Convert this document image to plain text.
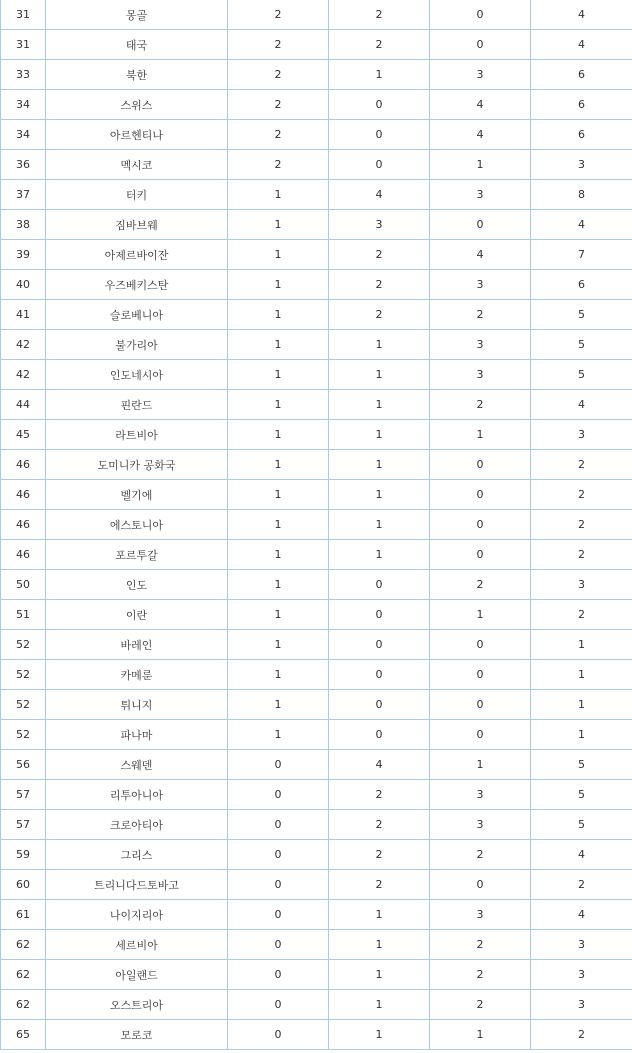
31	몽골	2	2	0	4
31	태국	2	2	0	4
33	북한	2	1	3	6
34	스위스	2	0	4	6
34	아르헨티나	2	0	4	6
36	멕시코	2	0	1	3
37	터키	1	4	3	8
38	짐바브웨	1	3	0	4
39	아제르바이잔	1	2	4	7
40	우즈베키스탄	1	2	3	6
41	슬로베니아	1	2	2	5
42	불가리아	1	1	3	5
42	인도네시아	1	1	3	5
44	핀란드	1	1	2	4
45	라트비아	1	1	1	3
46	도미니카 공화국	1	1	0	2
46	벨기에	1	1	0	2
46	에스토니아	1	1	0	2
46	포르투갈	1	1	0	2
50	인도	1	0	2	3
51	이란	1	0	1	2
52	바레인	1	0	0	1
52	카메룬	1	0	0	1
52	튀니지	1	0	0	1
52	파나마	1	0	0	1
56	스웨덴	0	4	1	5
57	리투아니아	0	2	3	5
57	크로아티아	0	2	3	5
59	그리스	0	2	2	4
60	트리니다드토바고	0	2	0	2
61	나이지리아	0	1	3	4
62	세르비아	0	1	2	3
62	아일랜드	0	1	2	3
62	오스트리아	0	1	2	3
65	모로코	0	1	1	2
